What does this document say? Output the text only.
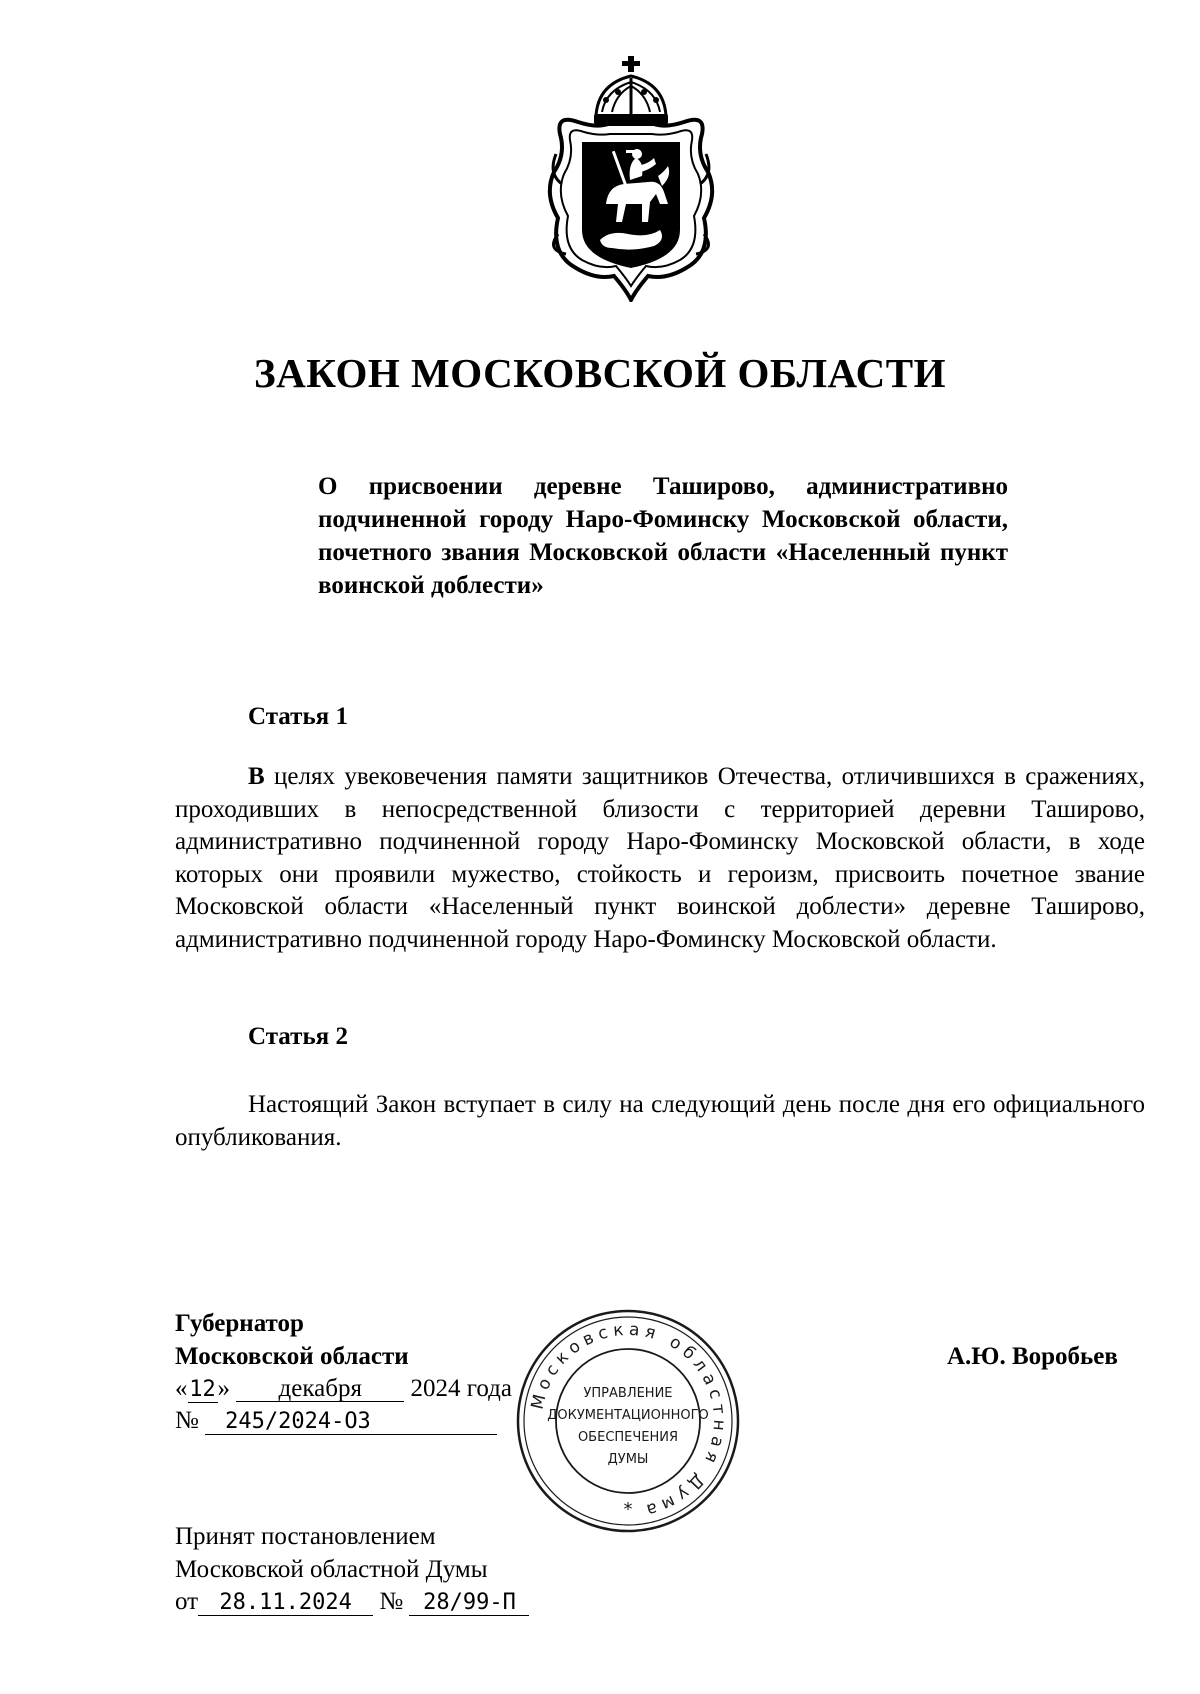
ЗАКОН МОСКОВСКОЙ ОБЛАСТИ

О присвоении деревне Таширово, административно подчиненной городу Наро-Фоминску Московской области, почетного звания Московской области «Населенный пункт воинской доблести»

Статья 1

В целях увековечения памяти защитников Отечества, отличившихся в сражениях, проходивших в непосредственной близости с территорией деревни Таширово, административно подчиненной городу Наро-Фоминску Московской области, в ходе которых они проявили мужество, стойкость и героизм, присвоить почетное звание Московской области «Населенный пункт воинской доблести» деревне Таширово, административно подчиненной городу Наро-Фоминску Московской области.

Статья 2

Настоящий Закон вступает в силу на следующий день после дня его официального опубликования.

Губернатор
Московской области	А.Ю. Воробьев
«12» декабря 2024 года
№ 245/2024-ОЗ
Принят постановлением
Московской областной Думы
от 28.11.2024 № 28/99-П
Московская областная Дума
УПРАВЛЕНИЕ
ДОКУМЕНТАЦИОННОГО
ОБЕСПЕЧЕНИЯ
ДУМЫ
*
